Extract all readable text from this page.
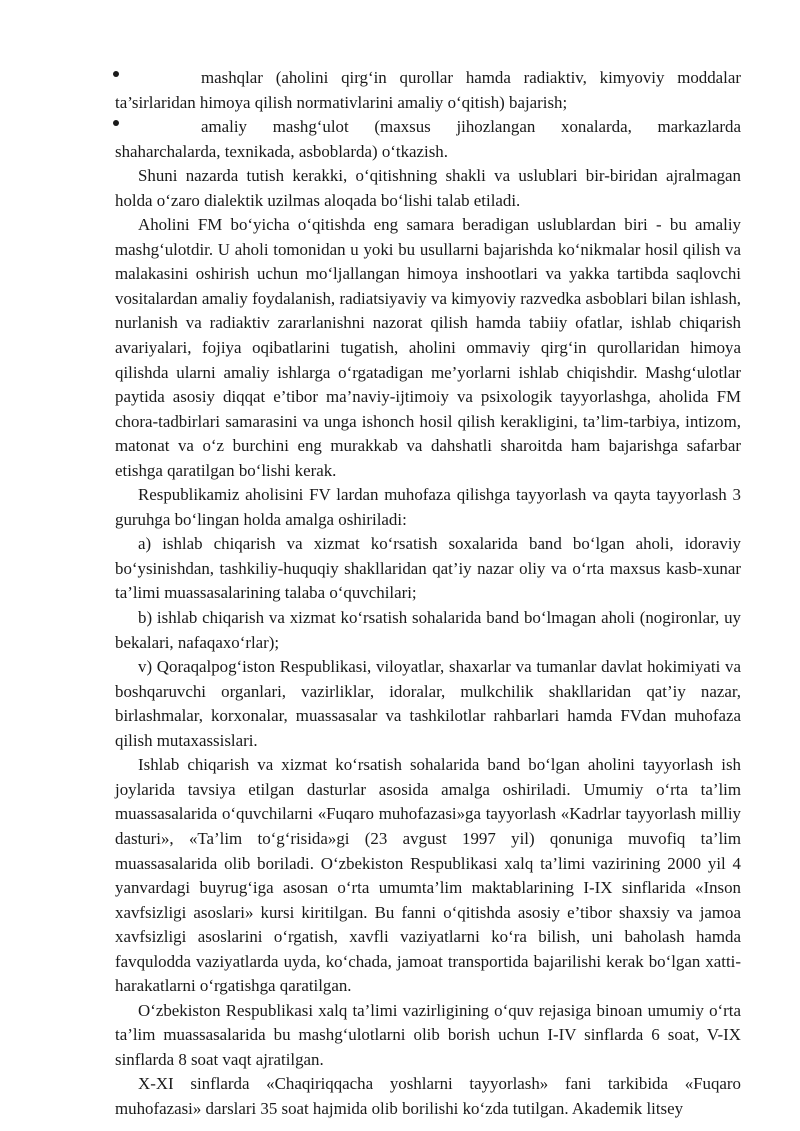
mashqlar (aholini qirg‘in qurollar hamda radiaktiv, kimyoviy moddalar ta’sirlaridan himoya qilish normativlarini amaliy o‘qitish) bajarish;

amaliy mashg‘ulot (maxsus jihozlangan xonalarda, markazlarda shaharchalarda, texnikada, asboblarda) o‘tkazish.

Shuni nazarda tutish kerakki, o‘qitishning shakli va uslublari bir-biridan ajralmagan holda o‘zaro dialektik uzilmas aloqada bo‘lishi talab etiladi.

Aholini FM bo‘yicha o‘qitishda eng samara beradigan uslublardan biri - bu amaliy mashg‘ulotdir. U aholi tomonidan u yoki bu usullarni bajarishda ko‘nikmalar hosil qilish va malakasini oshirish uchun mo‘ljallangan himoya inshootlari va yakka tartibda saqlovchi vositalardan amaliy foydalanish, radiatsiyaviy va kimyoviy razvedka asboblari bilan ishlash, nurlanish va radiaktiv zararlanishni nazorat qilish hamda tabiiy ofatlar, ishlab chiqarish avariyalari, fojiya oqibatlarini tugatish, aholini ommaviy qirg‘in qurollaridan himoya qilishda ularni amaliy ishlarga o‘rgatadigan me’yorlarni ishlab chiqishdir. Mashg‘ulotlar paytida asosiy diqqat e’tibor ma’naviy-ijtimoiy va psixologik tayyorlashga, aholida FM chora-tadbirlari samarasini va unga ishonch hosil qilish kerakligini, ta’lim-tarbiya, intizom, matonat va o‘z burchini eng murakkab va dahshatli sharoitda ham bajarishga safarbar etishga qaratilgan bo‘lishi kerak.

Respublikamiz aholisini FV lardan muhofaza qilishga tayyorlash va qayta tayyorlash 3 guruhga bo‘lingan holda amalga oshiriladi:

a) ishlab chiqarish va xizmat ko‘rsatish soxalarida band bo‘lgan aholi, idoraviy bo‘ysinishdan, tashkiliy-huquqiy shakllaridan qat’iy nazar oliy va o‘rta maxsus kasb-xunar ta’limi muassasalarining talaba o‘quvchilari;

b) ishlab chiqarish va xizmat ko‘rsatish sohalarida band bo‘lmagan aholi (nogironlar, uy bekalari, nafaqaxo‘rlar);

v) Qoraqalpog‘iston Respublikasi, viloyatlar, shaxarlar va tumanlar davlat hokimiyati va boshqaruvchi organlari, vazirliklar, idoralar, mulkchilik shakllaridan qat’iy nazar, birlashmalar, korxonalar, muassasalar va tashkilotlar rahbarlari hamda FVdan muhofaza qilish mutaxassislari.

Ishlab chiqarish va xizmat ko‘rsatish sohalarida band bo‘lgan aholini tayyorlash ish joylarida tavsiya etilgan dasturlar asosida amalga oshiriladi. Umumiy o‘rta ta’lim muassasalarida o‘quvchilarni «Fuqaro muhofazasi»ga tayyorlash «Kadrlar tayyorlash milliy dasturi», «Ta’lim to‘g‘risida»gi (23 avgust 1997 yil) qonuniga muvofiq ta’lim muassasalarida olib boriladi. O‘zbekiston Respublikasi xalq ta’limi vazirining 2000 yil 4 yanvardagi buyrug‘iga asosan o‘rta umumta’lim maktablarining I-IX sinflarida «Inson xavfsizligi asoslari» kursi kiritilgan. Bu fanni o‘qitishda asosiy e’tibor shaxsiy va jamoa xavfsizligi asoslarini o‘rgatish, xavfli vaziyatlarni ko‘ra bilish, uni baholash hamda favqulodda vaziyatlarda uyda, ko‘chada, jamoat transportida bajarilishi kerak bo‘lgan xatti-harakatlarni o‘rgatishga qaratilgan.

O‘zbekiston Respublikasi xalq ta’limi vazirligining o‘quv rejasiga binoan umumiy o‘rta ta’lim muassasalarida bu mashg‘ulotlarni olib borish uchun I-IV sinflarda 6 soat, V-IX sinflarda 8 soat vaqt ajratilgan.

X-XI sinflarda «Chaqiriqqacha yoshlarni tayyorlash» fani tarkibida «Fuqaro muhofazasi» darslari 35 soat hajmida olib borilishi ko‘zda tutilgan. Akademik litsey
